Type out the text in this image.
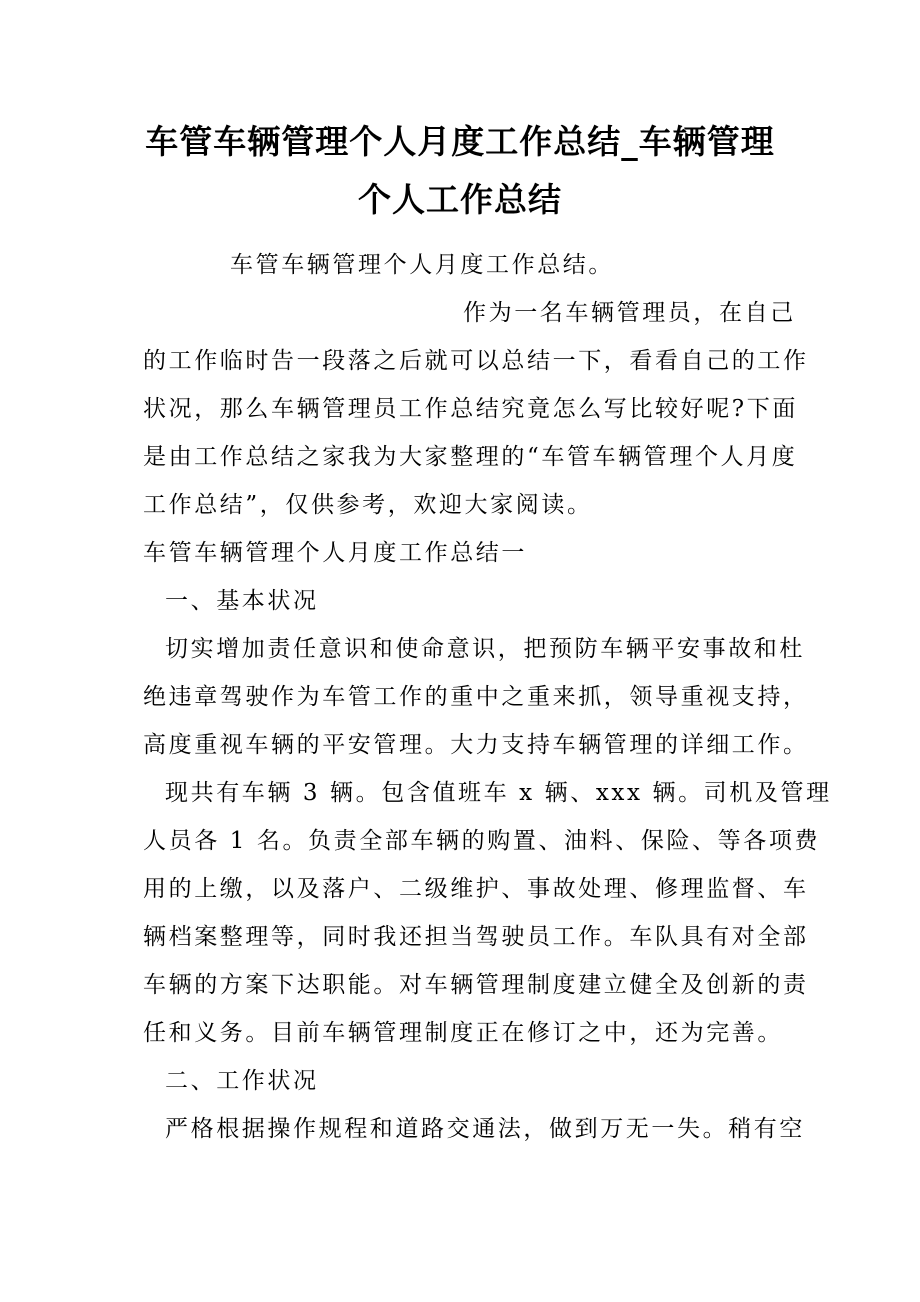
车管车辆管理个人月度工作总结_车辆管理
个人工作总结
车管车辆管理个人月度工作总结。
作为一名车辆管理员，在自己
的工作临时告一段落之后就可以总结一下，看看自己的工作
状况，那么车辆管理员工作总结究竟怎么写比较好呢?下面
是由工作总结之家我为大家整理的“车管车辆管理个人月度
工作总结”，仅供参考，欢迎大家阅读。
车管车辆管理个人月度工作总结一
一、基本状况
切实增加责任意识和使命意识，把预防车辆平安事故和杜
绝违章驾驶作为车管工作的重中之重来抓，领导重视支持，
高度重视车辆的平安管理。大力支持车辆管理的详细工作。
现共有车辆 3 辆。包含值班车 x 辆、xxx 辆。司机及管理
人员各 1 名。负责全部车辆的购置、油料、保险、等各项费
用的上缴，以及落户、二级维护、事故处理、修理监督、车
辆档案整理等，同时我还担当驾驶员工作。车队具有对全部
车辆的方案下达职能。对车辆管理制度建立健全及创新的责
任和义务。目前车辆管理制度正在修订之中，还为完善。
二、工作状况
严格根据操作规程和道路交通法，做到万无一失。稍有空
